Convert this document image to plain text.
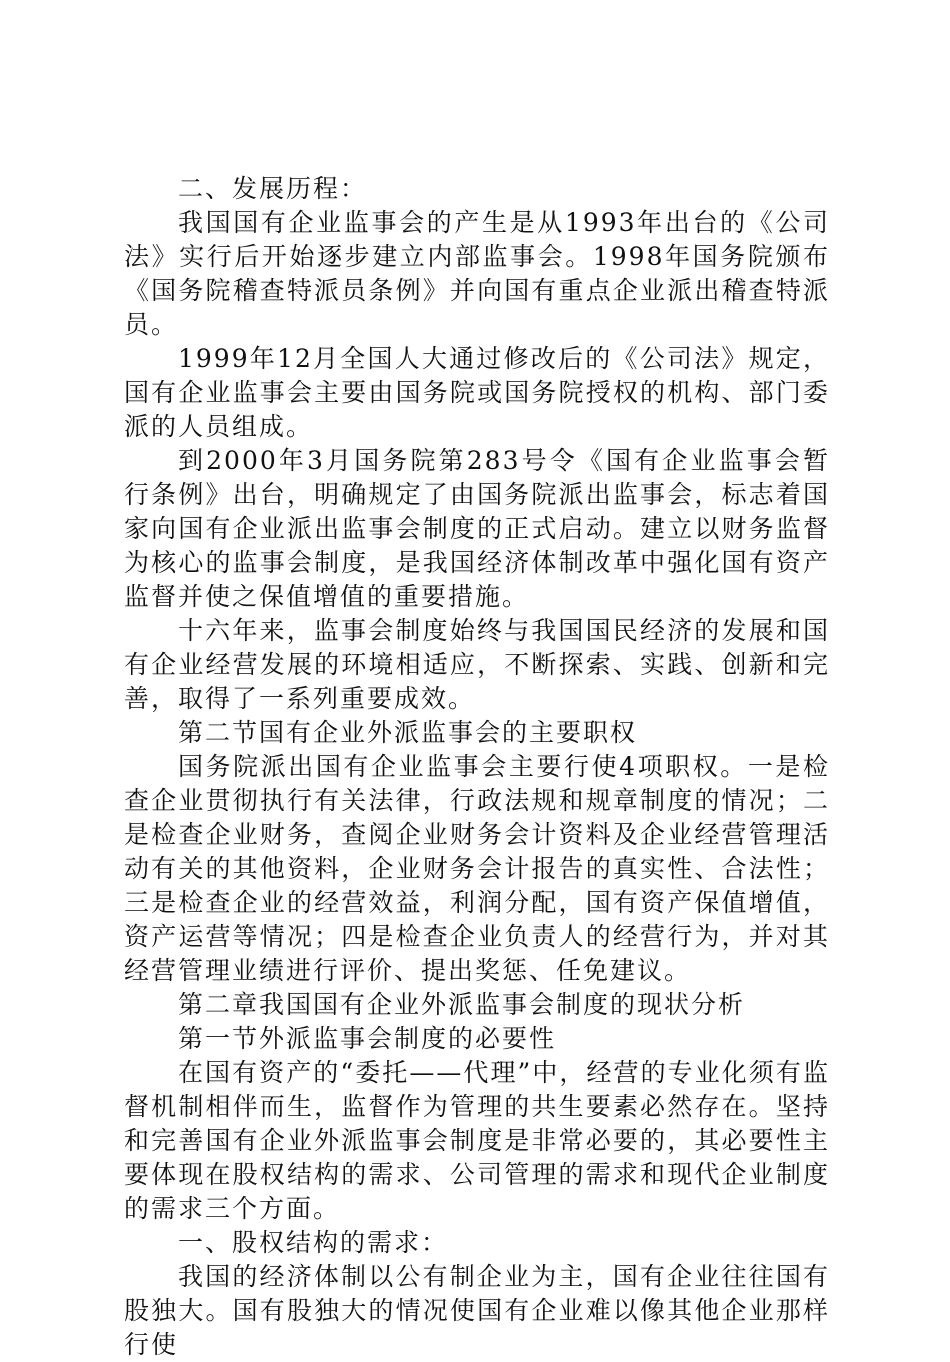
二、发展历程：

我国国有企业监事会的产生是从1993年出台的《公司法》实行后开始逐步建立内部监事会。1998年国务院颁布《国务院稽查特派员条例》并向国有重点企业派出稽查特派员。

1999年12月全国人大通过修改后的《公司法》规定，国有企业监事会主要由国务院或国务院授权的机构、部门委派的人员组成。

到2000年3月国务院第283号令《国有企业监事会暂行条例》出台，明确规定了由国务院派出监事会，标志着国家向国有企业派出监事会制度的正式启动。建立以财务监督为核心的监事会制度，是我国经济体制改革中强化国有资产监督并使之保值增值的重要措施。

十六年来，监事会制度始终与我国国民经济的发展和国有企业经营发展的环境相适应，不断探索、实践、创新和完善，取得了一系列重要成效。

第二节国有企业外派监事会的主要职权

国务院派出国有企业监事会主要行使4项职权。一是检查企业贯彻执行有关法律，行政法规和规章制度的情况；二是检查企业财务，查阅企业财务会计资料及企业经营管理活动有关的其他资料，企业财务会计报告的真实性、合法性；三是检查企业的经营效益，利润分配，国有资产保值增值，资产运营等情况；四是检查企业负责人的经营行为，并对其经营管理业绩进行评价、提出奖惩、任免建议。

第二章我国国有企业外派监事会制度的现状分析

第一节外派监事会制度的必要性

在国有资产的“委托——代理”中，经营的专业化须有监督机制相伴而生，监督作为管理的共生要素必然存在。坚持和完善国有企业外派监事会制度是非常必要的，其必要性主要体现在股权结构的需求、公司管理的需求和现代企业制度的需求三个方面。

一、股权结构的需求：

我国的经济体制以公有制企业为主，国有企业往往国有股独大。国有股独大的情况使国有企业难以像其他企业那样行使
